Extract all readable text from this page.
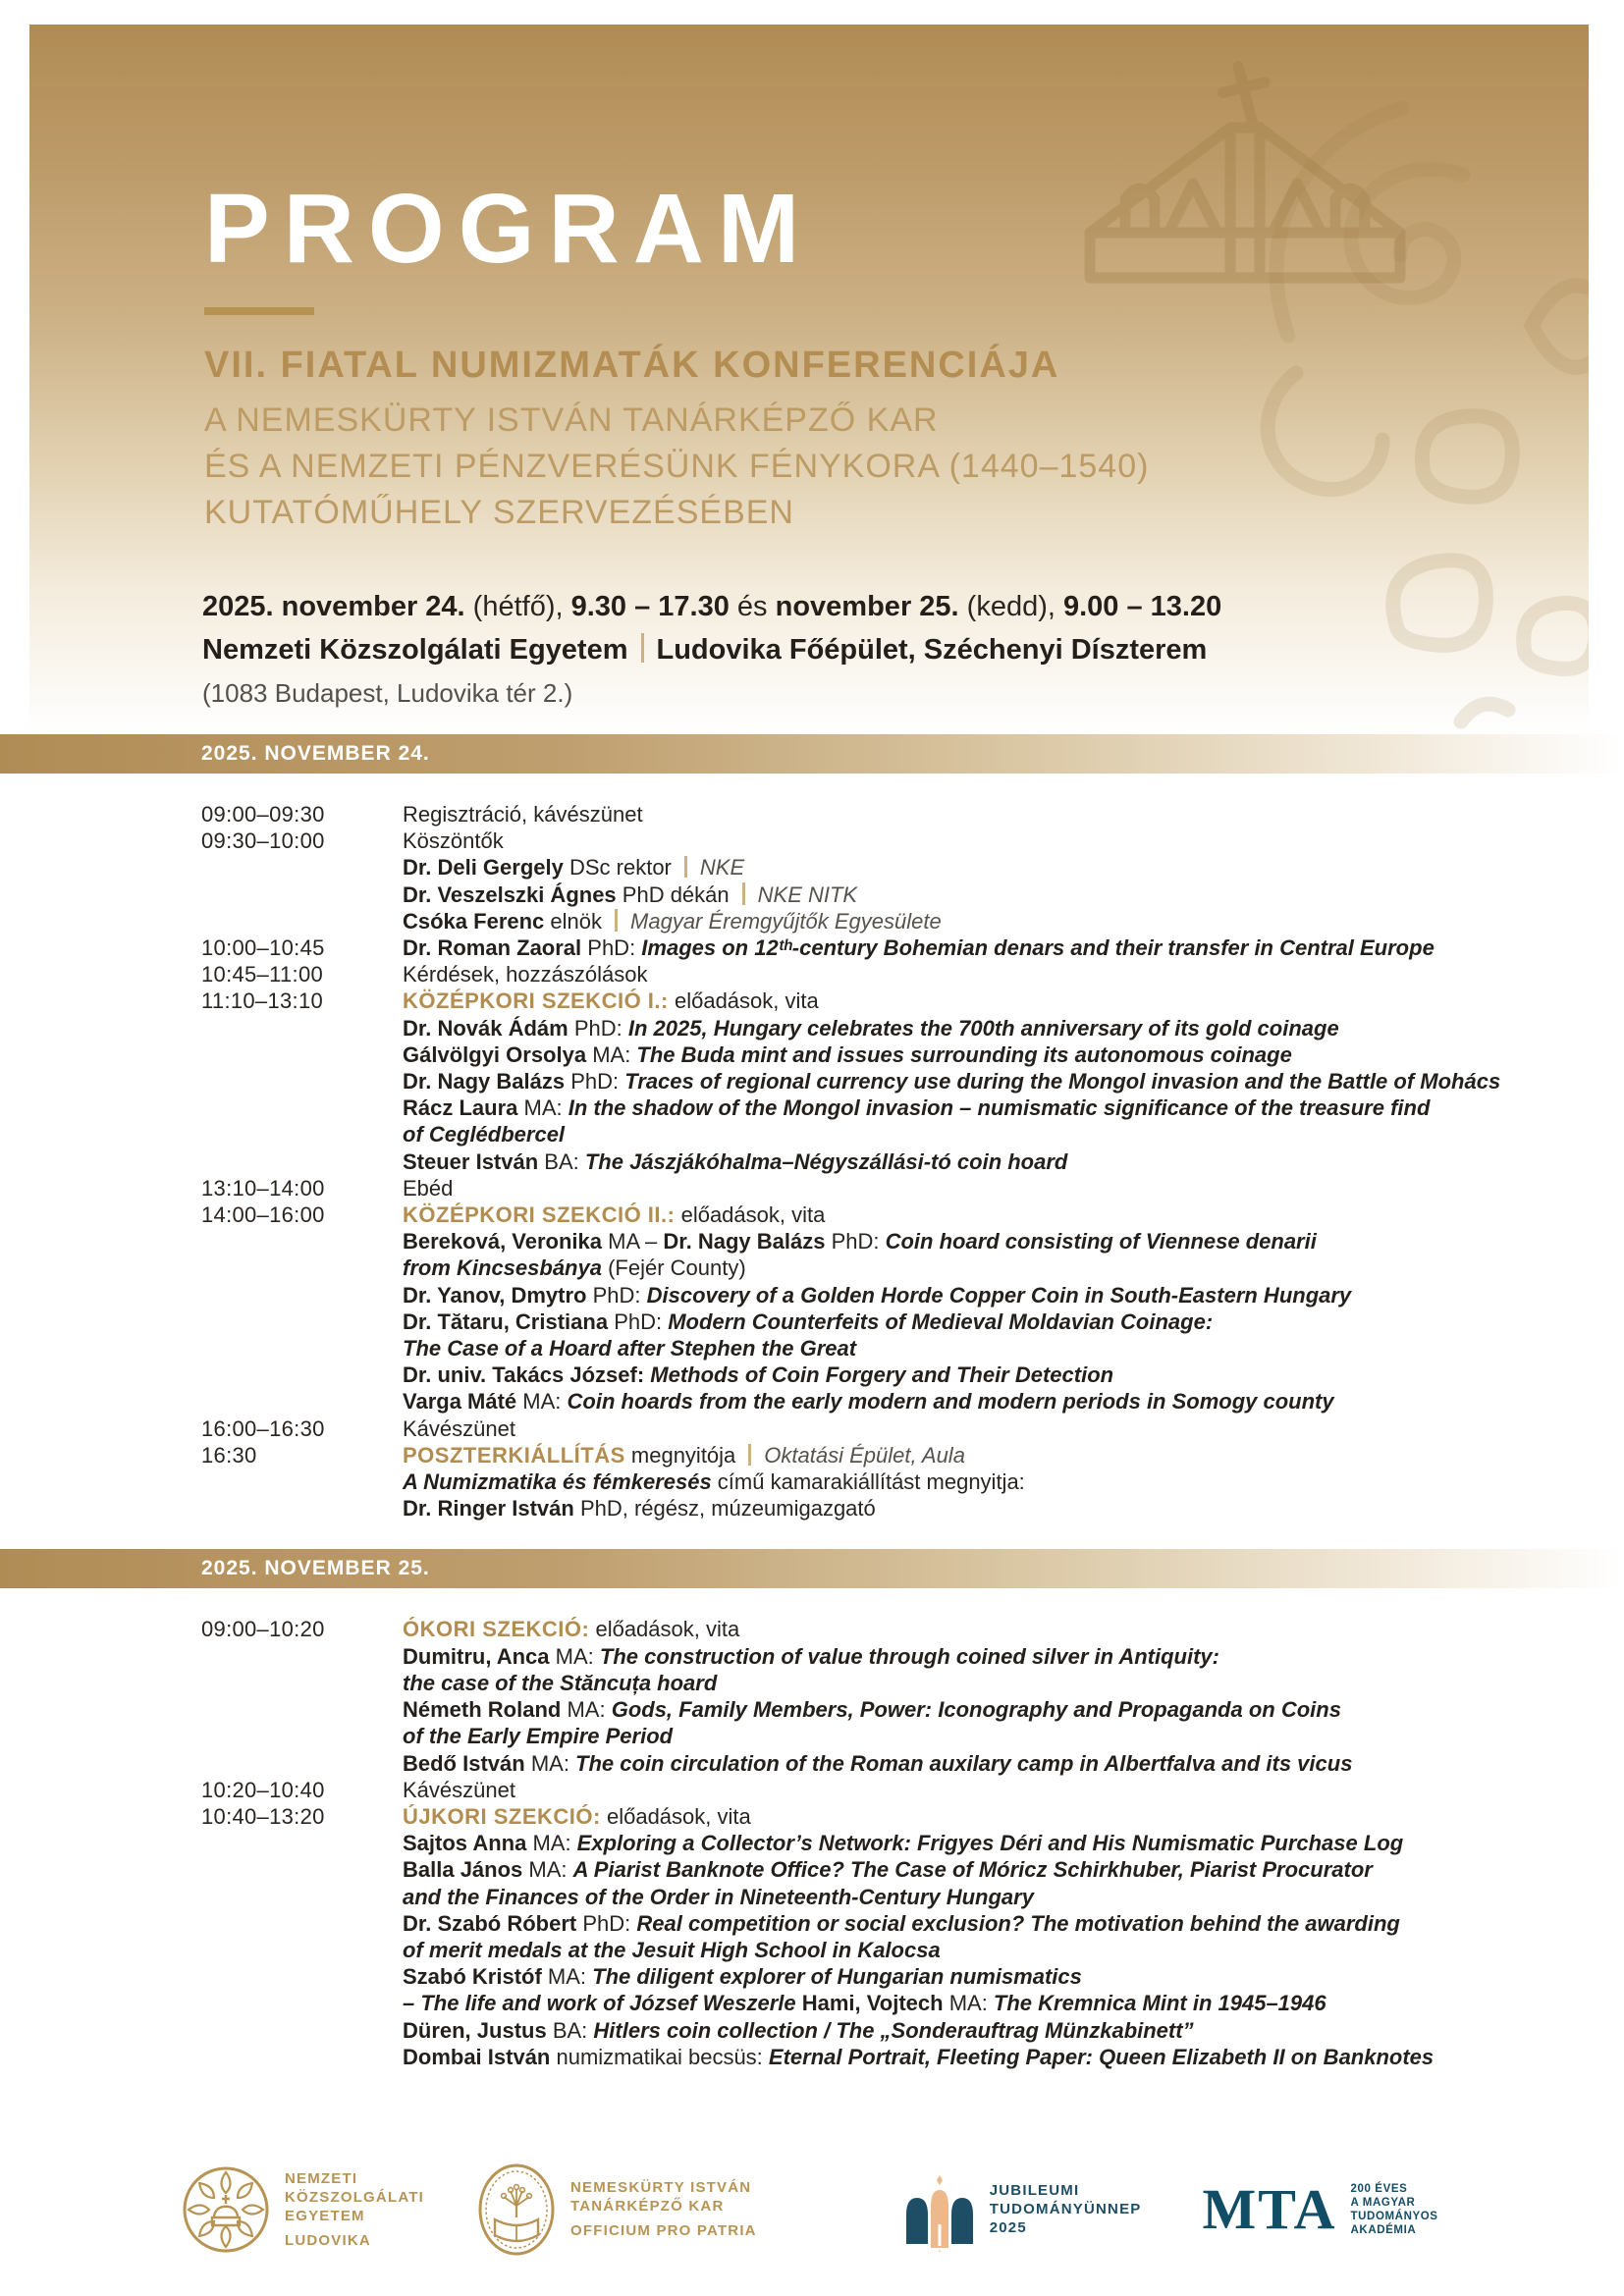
PROGRAM
VII. FIATAL NUMIZMATÁK KONFERENCIÁJA
A NEMESKÜRTY ISTVÁN TANÁRKÉPZŐ KAR
ÉS A NEMZETI PÉNZVERÉSÜNK FÉNYKORA (1440–1540)
KUTATÓMŰHELY SZERVEZÉSÉBEN
2025. november 24. (hétfő), 9.30 – 17.30 és november 25. (kedd), 9.00 – 13.20
Nemzeti Közszolgálati Egyetem Ludovika Főépület, Széchenyi Díszterem
(1083 Budapest, Ludovika tér 2.)
2025. NOVEMBER 24.
09:00–09:30	Regisztráció, kávészünet
09:30–10:00	Köszöntők
Dr. Deli Gergely DSc rektor NKE
Dr. Veszelszki Ágnes PhD dékán NKE NITK
Csóka Ferenc elnök Magyar Éremgyűjtők Egyesülete
10:00–10:45	Dr. Roman Zaoral PhD: Images on 12ᵗʰ-century Bohemian denars and their transfer in Central Europe
10:45–11:00	Kérdések, hozzászólások
11:10–13:10	KÖZÉPKORI SZEKCIÓ I.: előadások, vita
Dr. Novák Ádám PhD: In 2025, Hungary celebrates the 700th anniversary of its gold coinage
Gálvölgyi Orsolya MA: The Buda mint and issues surrounding its autonomous coinage
Dr. Nagy Balázs PhD: Traces of regional currency use during the Mongol invasion and the Battle of Mohács
Rácz Laura MA: In the shadow of the Mongol invasion – numismatic significance of the treasure find
of Ceglédbercel
Steuer István BA: The Jászjákóhalma–Négyszállási-tó coin hoard
13:10–14:00	Ebéd
14:00–16:00	KÖZÉPKORI SZEKCIÓ II.: előadások, vita
Bereková, Veronika MA – Dr. Nagy Balázs PhD: Coin hoard consisting of Viennese denarii
from Kincsesbánya (Fejér County)
Dr. Yanov, Dmytro PhD: Discovery of a Golden Horde Copper Coin in South-Eastern Hungary
Dr. Tătaru, Cristiana PhD: Modern Counterfeits of Medieval Moldavian Coinage:
The Case of a Hoard after Stephen the Great
Dr. univ. Takács József: Methods of Coin Forgery and Their Detection
Varga Máté MA: Coin hoards from the early modern and modern periods in Somogy county
16:00–16:30	Kávészünet
16:30	POSZTERKIÁLLÍTÁS megnyitója Oktatási Épület, Aula
A Numizmatika és fémkeresés című kamarakiállítást megnyitja:
Dr. Ringer István PhD, régész, múzeumigazgató
2025. NOVEMBER 25.
09:00–10:20	ÓKORI SZEKCIÓ: előadások, vita
Dumitru, Anca MA: The construction of value through coined silver in Antiquity:
the case of the Stăncuța hoard
Németh Roland MA: Gods, Family Members, Power: Iconography and Propaganda on Coins
of the Early Empire Period
Bedő István MA: The coin circulation of the Roman auxilary camp in Albertfalva and its vicus
10:20–10:40	Kávészünet
10:40–13:20	ÚJKORI SZEKCIÓ: előadások, vita
Sajtos Anna MA: Exploring a Collector’s Network: Frigyes Déri and His Numismatic Purchase Log
Balla János MA: A Piarist Banknote Office? The Case of Móricz Schirkhuber, Piarist Procurator
and the Finances of the Order in Nineteenth-Century Hungary
Dr. Szabó Róbert PhD: Real competition or social exclusion? The motivation behind the awarding
of merit medals at the Jesuit High School in Kalocsa
Szabó Kristóf MA: The diligent explorer of Hungarian numismatics
– The life and work of József Weszerle Hami, Vojtech MA: The Kremnica Mint in 1945–1946
Düren, Justus BA: Hitlers coin collection / The „Sonderauftrag Münzkabinett”
Dombai István numizmatikai becsüs: Eternal Portrait, Fleeting Paper: Queen Elizabeth II on Banknotes
NEMZETI
KÖZSZOLGÁLATI
EGYETEM
LUDOVIKA
NEMESKÜRTY ISTVÁN
TANÁRKÉPZŐ KAR
OFFICIUM PRO PATRIA
JUBILEUMI
TUDOMÁNYÜNNEP
2025	MTA 200 ÉVES
A MAGYAR
TUDOMÁNYOS
AKADÉMIA
